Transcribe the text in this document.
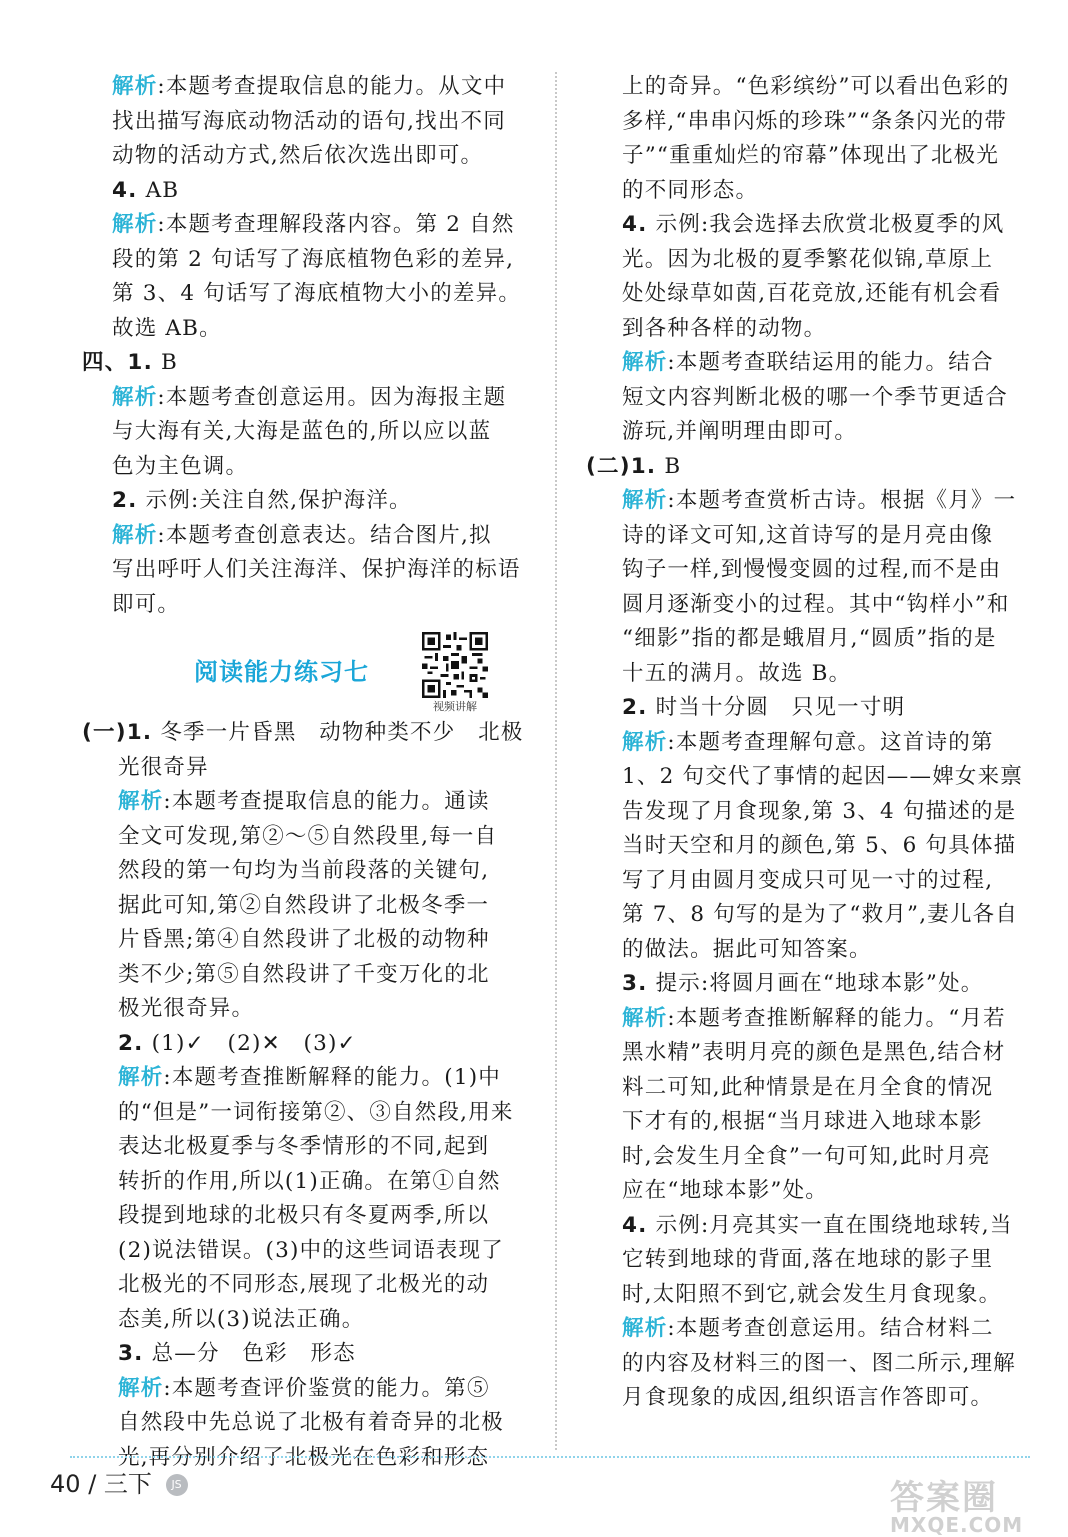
解析:本题考查提取信息的能力。从文中
找出描写海底动物活动的语句,找出不同
动物的活动方式,然后依次选出即可。
4. AB
解析:本题考查理解段落内容。第 2 自然
段的第 2 句话写了海底植物色彩的差异,
第 3、4 句话写了海底植物大小的差异。
故选 AB。
四、1. B
解析:本题考查创意运用。因为海报主题
与大海有关,大海是蓝色的,所以应以蓝
色为主色调。
2. 示例:关注自然,保护海洋。
解析:本题考查创意表达。结合图片,拟
写出呼吁人们关注海洋、保护海洋的标语
即可。
阅读能力练习七
视频讲解
(一)1. 冬季一片昏黑　动物种类不少　北极
光很奇异
解析:本题考查提取信息的能力。通读
全文可发现,第②～⑤自然段里,每一自
然段的第一句均为当前段落的关键句,
据此可知,第②自然段讲了北极冬季一
片昏黑;第④自然段讲了北极的动物种
类不少;第⑤自然段讲了千变万化的北
极光很奇异。
2. (1)✓　(2)✕　(3)✓
解析:本题考查推断解释的能力。(1)中
的“但是”一词衔接第②、③自然段,用来
表达北极夏季与冬季情形的不同,起到
转折的作用,所以(1)正确。在第①自然
段提到地球的北极只有冬夏两季,所以
(2)说法错误。(3)中的这些词语表现了
北极光的不同形态,展现了北极光的动
态美,所以(3)说法正确。
3. 总—分　色彩　形态
解析:本题考查评价鉴赏的能力。第⑤
自然段中先总说了北极有着奇异的北极
光,再分别介绍了北极光在色彩和形态
上的奇异。“色彩缤纷”可以看出色彩的
多样,“串串闪烁的珍珠”“条条闪光的带
子”“重重灿烂的帘幕”体现出了北极光
的不同形态。
4. 示例:我会选择去欣赏北极夏季的风
光。因为北极的夏季繁花似锦,草原上
处处绿草如茵,百花竞放,还能有机会看
到各种各样的动物。
解析:本题考查联结运用的能力。结合
短文内容判断北极的哪一个季节更适合
游玩,并阐明理由即可。
(二)1. B
解析:本题考查赏析古诗。根据《月》一
诗的译文可知,这首诗写的是月亮由像
钩子一样,到慢慢变圆的过程,而不是由
圆月逐渐变小的过程。其中“钩样小”和
“细影”指的都是蛾眉月,“圆质”指的是
十五的满月。故选 B。
2. 时当十分圆　只见一寸明
解析:本题考查理解句意。这首诗的第
1、2 句交代了事情的起因——婢女来禀
告发现了月食现象,第 3、4 句描述的是
当时天空和月的颜色,第 5、6 句具体描
写了月由圆月变成只可见一寸的过程,
第 7、8 句写的是为了“救月”,妻儿各自
的做法。据此可知答案。
3. 提示:将圆月画在“地球本影”处。
解析:本题考查推断解释的能力。“月若
黑水精”表明月亮的颜色是黑色,结合材
料二可知,此种情景是在月全食的情况
下才有的,根据“当月球进入地球本影
时,会发生月全食”一句可知,此时月亮
应在“地球本影”处。
4. 示例:月亮其实一直在围绕地球转,当
它转到地球的背面,落在地球的影子里
时,太阳照不到它,就会发生月食现象。
解析:本题考查创意运用。结合材料二
的内容及材料三的图一、图二所示,理解
月食现象的成因,组织语言作答即可。
40 / 三下 JS	答案圈
MXQE.COM
